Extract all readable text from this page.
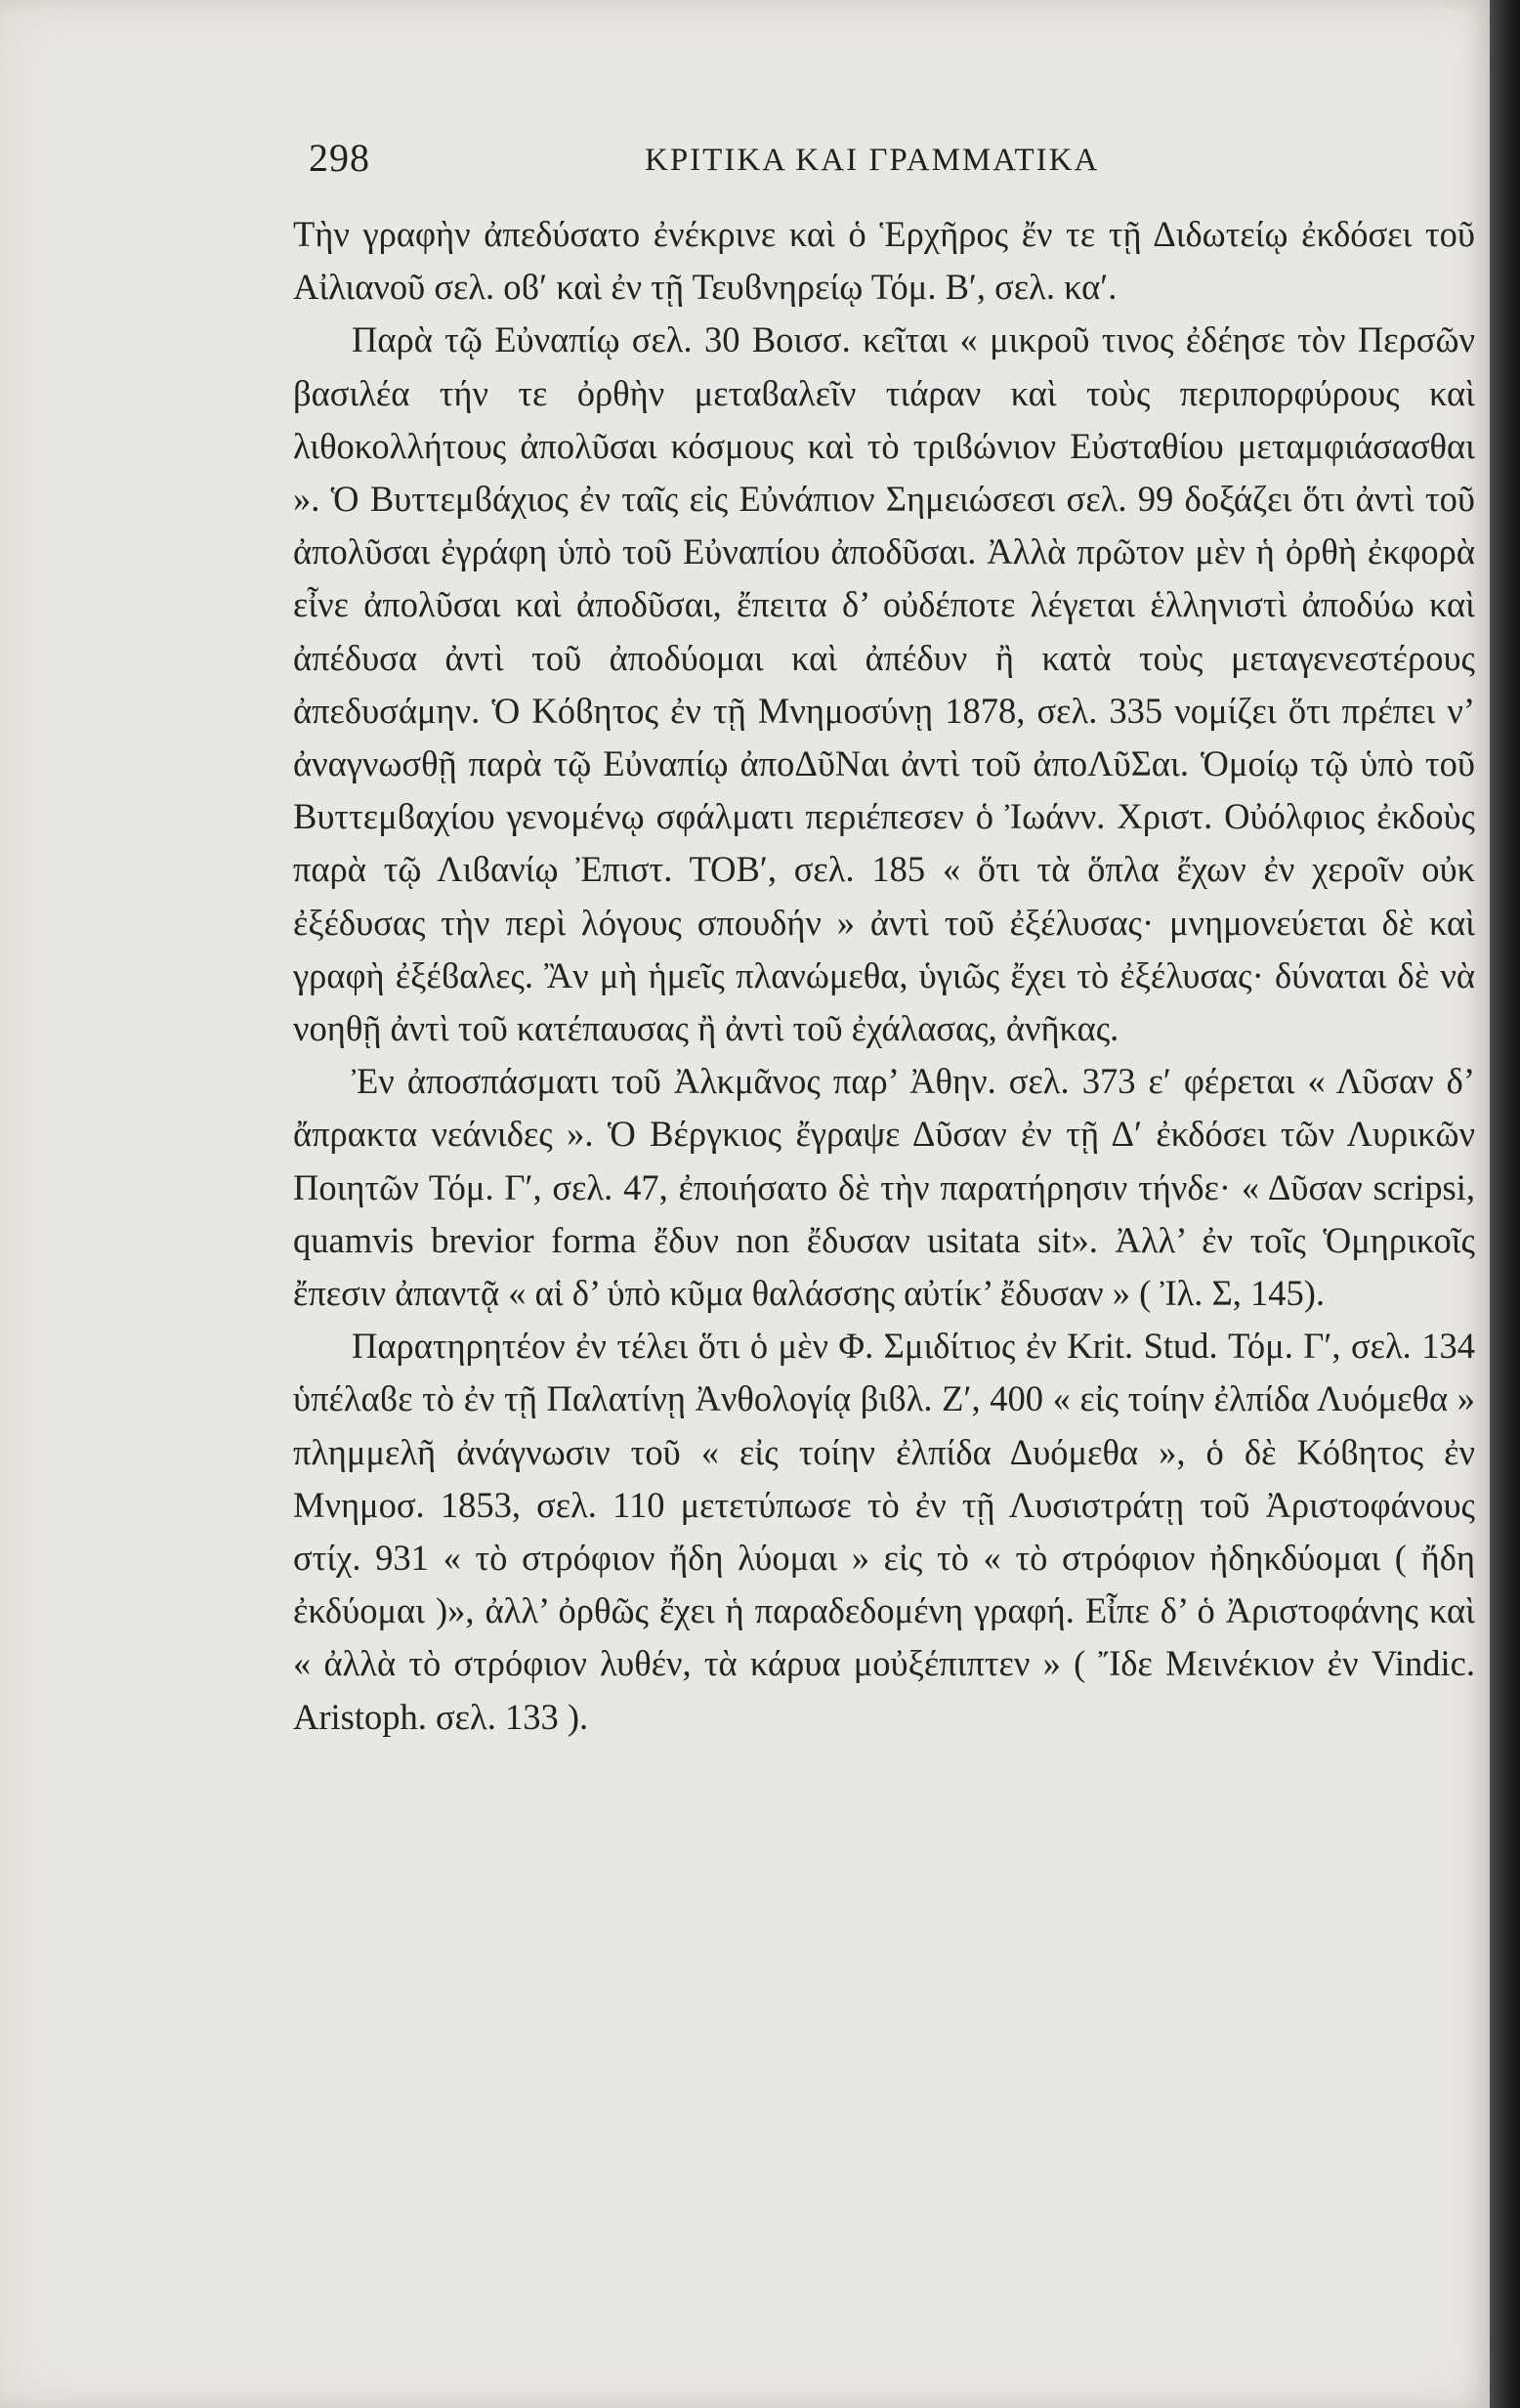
298	ΚΡΙΤΙΚΑ ΚΑΙ ΓΡΑΜΜΑΤΙΚΑ

Τὴν γραφὴν ἀπεδύσατο ἐνέκρινε καὶ ὁ Ἑρχῆρος ἔν τε τῇ Διδωτείῳ ἐκδόσει τοῦ Αἰλιανοῦ σελ. οϐ′ καὶ ἐν τῇ Τευϐνηρείῳ Τόμ. Β′, σελ. κα′.

Παρὰ τῷ Εὐναπίῳ σελ. 30 Βοισσ. κεῖται « μικροῦ τινος ἐδέησε τὸν Περσῶν βασιλέα τήν τε ὀρθὴν μεταϐαλεῖν τιάραν καὶ τοὺς περιπορφύρους καὶ λιθοκολλήτους ἀπολῦσαι κόσμους καὶ τὸ τριϐώνιον Εὐσταθίου μεταμφιάσασθαι ». Ὁ Βυττεμϐάχιος ἐν ταῖς εἰς Εὐνάπιον Σημειώσεσι σελ. 99 δοξάζει ὅτι ἀντὶ τοῦ ἀπολῦσαι ἐγράφη ὑπὸ τοῦ Εὐναπίου ἀποδῦσαι. Ἀλλὰ πρῶτον μὲν ἡ ὀρθὴ ἐκφορὰ εἶνε ἀπολῦσαι καὶ ἀποδῦσαι, ἔπειτα δ’ οὐδέποτε λέγεται ἑλληνιστὶ ἀποδύω καὶ ἀπέδυσα ἀντὶ τοῦ ἀποδύομαι καὶ ἀπέδυν ἢ κατὰ τοὺς μεταγενεστέρους ἀπεδυσάμην. Ὁ Κόϐητος ἐν τῇ Μνημοσύνῃ 1878, σελ. 335 νομίζει ὅτι πρέπει ν’ ἀναγνωσθῇ παρὰ τῷ Εὐναπίῳ ἀποΔῦΝαι ἀντὶ τοῦ ἀποΛῦΣαι. Ὁμοίῳ τῷ ὑπὸ τοῦ Βυττεμϐαχίου γενομένῳ σφάλματι περιέπεσεν ὁ Ἰωάνν. Χριστ. Οὐόλφιος ἐκδοὺς παρὰ τῷ Λιϐανίῳ Ἐπιστ. ΤΟΒ′, σελ. 185 « ὅτι τὰ ὅπλα ἔχων ἐν χεροῖν οὐκ ἐξέδυσας τὴν περὶ λόγους σπουδήν » ἀντὶ τοῦ ἐξέλυσας· μνημονεύεται δὲ καὶ γραφὴ ἐξέϐαλες. Ἂν μὴ ἡμεῖς πλανώμεθα, ὑγιῶς ἔχει τὸ ἐξέλυσας· δύναται δὲ νὰ νοηθῇ ἀντὶ τοῦ κατέπαυσας ἢ ἀντὶ τοῦ ἐχάλασας, ἀνῆκας.

Ἐν ἀποσπάσματι τοῦ Ἀλκμᾶνος παρ’ Ἀθην. σελ. 373 ε′ φέρεται « Λῦσαν δ’ ἄπρακτα νεάνιδες ». Ὁ Βέργκιος ἔγραψε Δῦσαν ἐν τῇ Δ′ ἐκδόσει τῶν Λυρικῶν Ποιητῶν Τόμ. Γ′, σελ. 47, ἐποιήσατο δὲ τὴν παρατήρησιν τήνδε· « Δῦσαν scripsi, quamvis brevior forma ἔδυν non ἔδυσαν usitata sit». Ἀλλ’ ἐν τοῖς Ὁμηρικοῖς ἔπεσιν ἀπαντᾷ « αἱ δ’ ὑπὸ κῦμα θαλάσσης αὐτίκ’ ἔδυσαν » ( Ἰλ. Σ, 145).

Παρατηρητέον ἐν τέλει ὅτι ὁ μὲν Φ. Σμιδίτιος ἐν Krit. Stud. Τόμ. Γ′, σελ. 134 ὑπέλαϐε τὸ ἐν τῇ Παλατίνῃ Ἀνθολογίᾳ βιϐλ. Ζ′, 400 « εἰς τοίην ἐλπίδα Λυόμεθα » πλημμελῆ ἀνάγνωσιν τοῦ « εἰς τοίην ἐλπίδα Δυόμεθα », ὁ δὲ Κόϐητος ἐν Μνημοσ. 1853, σελ. 110 μετετύπωσε τὸ ἐν τῇ Λυσιστράτῃ τοῦ Ἀριστοφάνους στίχ. 931 « τὸ στρόφιον ἤδη λύομαι » εἰς τὸ « τὸ στρόφιον ἠδηκδύομαι ( ἤδη ἐκδύομαι )», ἀλλ’ ὀρθῶς ἔχει ἡ παραδεδομένη γραφή. Εἶπε δ’ ὁ Ἀριστοφάνης καὶ « ἀλλὰ τὸ στρόφιον λυθέν, τὰ κάρυα μοὐξέπιπτεν » ( Ἴδε Μεινέκιον ἐν Vindic. Aristoph. σελ. 133 ).
